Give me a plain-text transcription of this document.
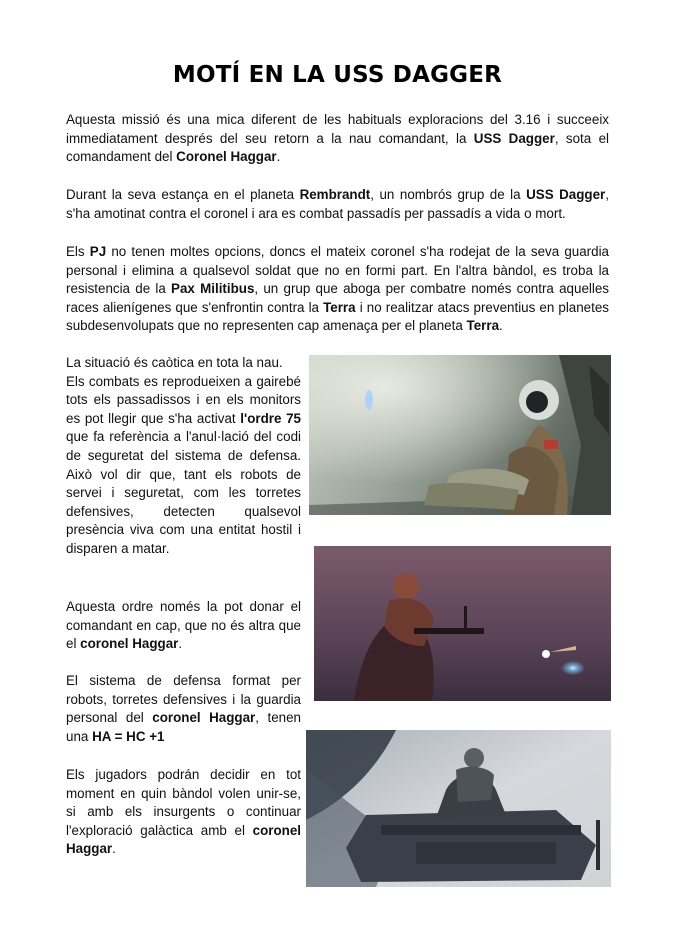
MOTÍ EN LA USS DAGGER

Aquesta missió és una mica diferent de les habituals exploracions del 3.16 i succeeix immediatament després del seu retorn a la nau comandant, la USS Dagger, sota el comandament del Coronel Haggar.

Durant la seva estança en el planeta Rembrandt, un nombrós grup de la USS Dagger, s'ha amotinat contra el coronel i ara es combat passadís per passadís a vida o mort.

Els PJ no tenen moltes opcions, doncs el mateix coronel s'ha rodejat de la seva guardia personal i elimina a qualsevol soldat que no en formi part. En l'altra bàndol, es troba la resistencia de la Pax Militibus, un grup que aboga per combatre només contra aquelles races alienígenes que s'enfrontin contra la Terra i no realitzar atacs preventius en planetes subdesenvolupats que no representen cap amenaça per el planeta Terra.

La situació és caòtica en tota la nau.
Els combats es reprodueixen a gairebé
tots els passadissos i en els monitors es pot llegir que s'ha activat l'ordre 75 que fa referència a l'anul·lació del codi de seguretat del sistema de defensa. Això vol dir que, tant els robots de servei i seguretat, com les torretes defensives, detecten qualsevol presència viva com una entitat hostil i disparen a matar.

Aquesta ordre només la pot donar el comandant en cap, que no és altra que el coronel Haggar.

El sistema de defensa format per robots, torretes defensives i la guardia personal del coronel Haggar, tenen una HA = HC +1

Els jugadors podrán decidir en tot moment en quin bàndol volen unir-se, si amb els insurgents o continuar l'exploració galàctica amb el coronel Haggar.
